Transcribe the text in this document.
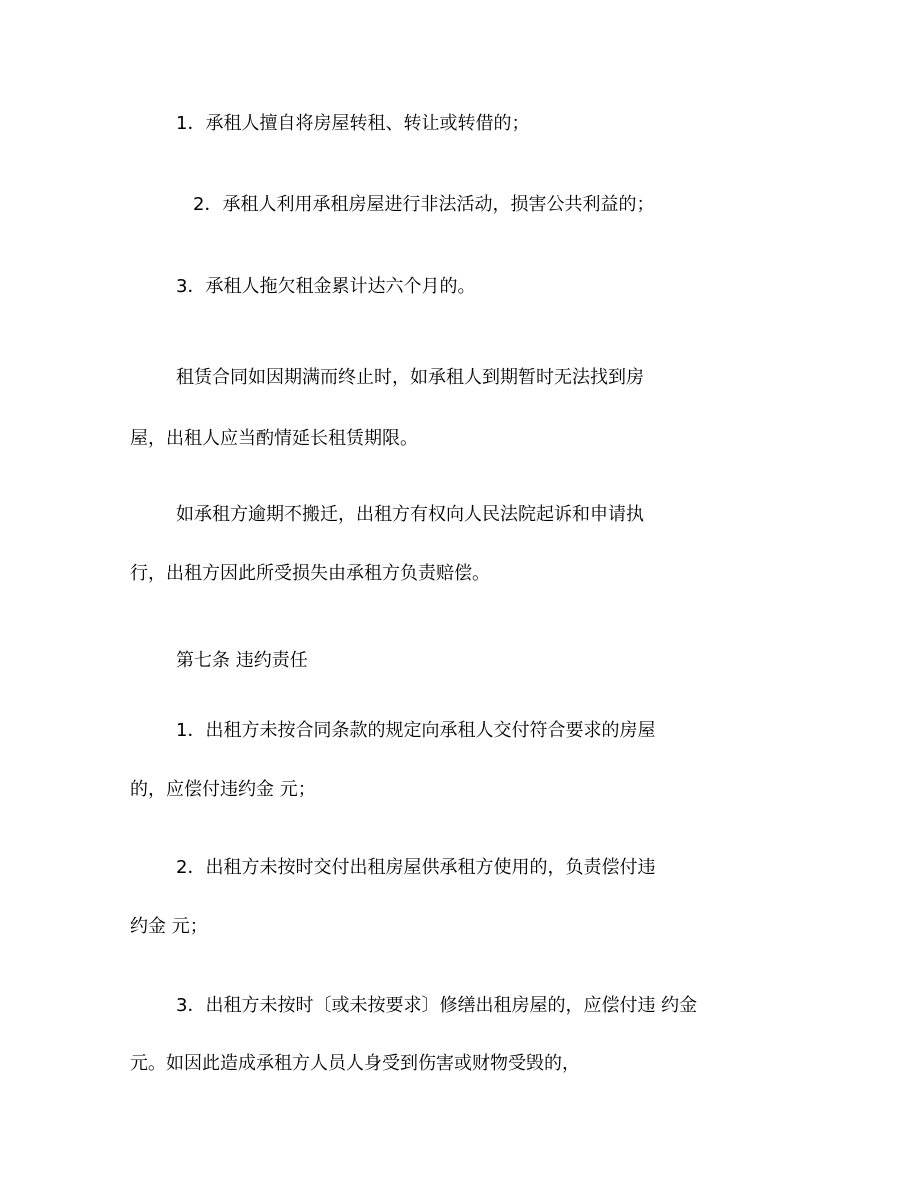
1．承租人擅自将房屋转租、转让或转借的；
2．承租人利用承租房屋进行非法活动，损害公共利益的；
3．承租人拖欠租金累计达六个月的。
租赁合同如因期满而终止时，如承租人到期暂时无法找到房
屋，出租人应当酌情延长租赁期限。
如承租方逾期不搬迁，出租方有权向人民法院起诉和申请执
行，出租方因此所受损失由承租方负责赔偿。
第七条 违约责任
1．出租方未按合同条款的规定向承租人交付符合要求的房屋
的，应偿付违约金 元；
2．出租方未按时交付出租房屋供承租方使用的，负责偿付违
约金 元；
3．出租方未按时〔或未按要求〕修缮出租房屋的，应偿付违 约金
元。如因此造成承租方人员人身受到伤害或财物受毁的，
